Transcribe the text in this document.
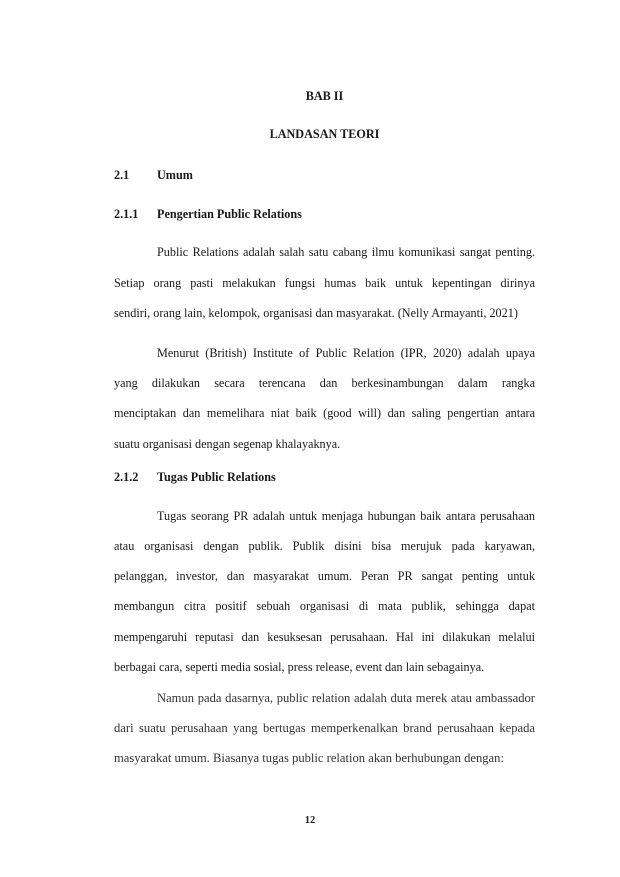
BAB II
LANDASAN TEORI
2.1 Umum
2.1.1 Pengertian Public Relations
Public Relations adalah salah satu cabang ilmu komunikasi sangat penting.
Setiap orang pasti melakukan fungsi humas baik untuk kepentingan dirinya
sendiri, orang lain, kelompok, organisasi dan masyarakat. (Nelly Armayanti, 2021)
Menurut (British) Institute of Public Relation (IPR, 2020) adalah upaya
yang dilakukan secara terencana dan berkesinambungan dalam rangka
menciptakan dan memelihara niat baik (good will) dan saling pengertian antara
suatu organisasi dengan segenap khalayaknya.
2.1.2 Tugas Public Relations
Tugas seorang PR adalah untuk menjaga hubungan baik antara perusahaan
atau organisasi dengan publik. Publik disini bisa merujuk pada karyawan,
pelanggan, investor, dan masyarakat umum. Peran PR sangat penting untuk
membangun citra positif sebuah organisasi di mata publik, sehingga dapat
mempengaruhi reputasi dan kesuksesan perusahaan. Hal ini dilakukan melalui
berbagai cara, seperti media sosial, press release, event dan lain sebagainya.
Namun pada dasarnya, public relation adalah duta merek atau ambassador
dari suatu perusahaan yang bertugas memperkenalkan brand perusahaan kepada
masyarakat umum. Biasanya tugas public relation akan berhubungan dengan:
12
